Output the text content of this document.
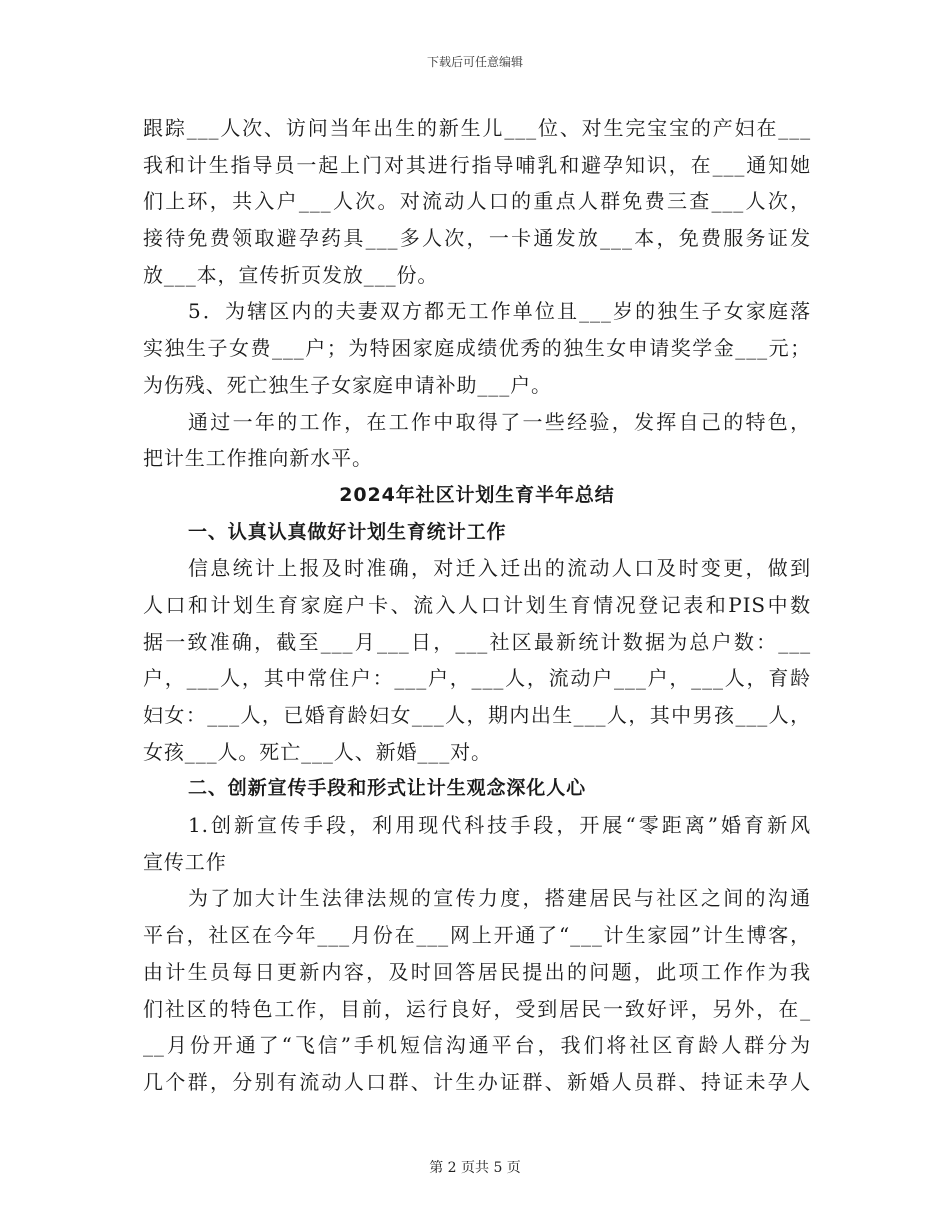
下载后可任意编辑
跟踪___人次、访问当年出生的新生儿___位、对生完宝宝的产妇在___
我和计生指导员一起上门对其进行指导哺乳和避孕知识，在___通知她
们上环，共入户___人次。对流动人口的重点人群免费三查___人次，
接待免费领取避孕药具___多人次，一卡通发放___本，免费服务证发
放___本，宣传折页发放___份。
5．为辖区内的夫妻双方都无工作单位且___岁的独生子女家庭落
实独生子女费___户；为特困家庭成绩优秀的独生女申请奖学金___元；
为伤残、死亡独生子女家庭申请补助___户。
通过一年的工作，在工作中取得了一些经验，发挥自己的特色，
把计生工作推向新水平。
2024年社区计划生育半年总结
一、认真认真做好计划生育统计工作
信息统计上报及时准确，对迁入迁出的流动人口及时变更，做到
人口和计划生育家庭户卡、流入人口计划生育情况登记表和PIS中数
据一致准确，截至___月___日，___社区最新统计数据为总户数：___
户，___人，其中常住户：___户，___人，流动户___户，___人，育龄
妇女：___人，已婚育龄妇女___人，期内出生___人，其中男孩___人，
女孩___人。死亡___人、新婚___对。
二、创新宣传手段和形式让计生观念深化人心
1.创新宣传手段，利用现代科技手段，开展“零距离”婚育新风
宣传工作
为了加大计生法律法规的宣传力度，搭建居民与社区之间的沟通
平台，社区在今年___月份在___网上开通了“___计生家园”计生博客，
由计生员每日更新内容，及时回答居民提出的问题，此项工作作为我
们社区的特色工作，目前，运行良好，受到居民一致好评，另外，在_
__月份开通了“飞信”手机短信沟通平台，我们将社区育龄人群分为
几个群，分别有流动人口群、计生办证群、新婚人员群、持证未孕人
第 2 页共 5 页
